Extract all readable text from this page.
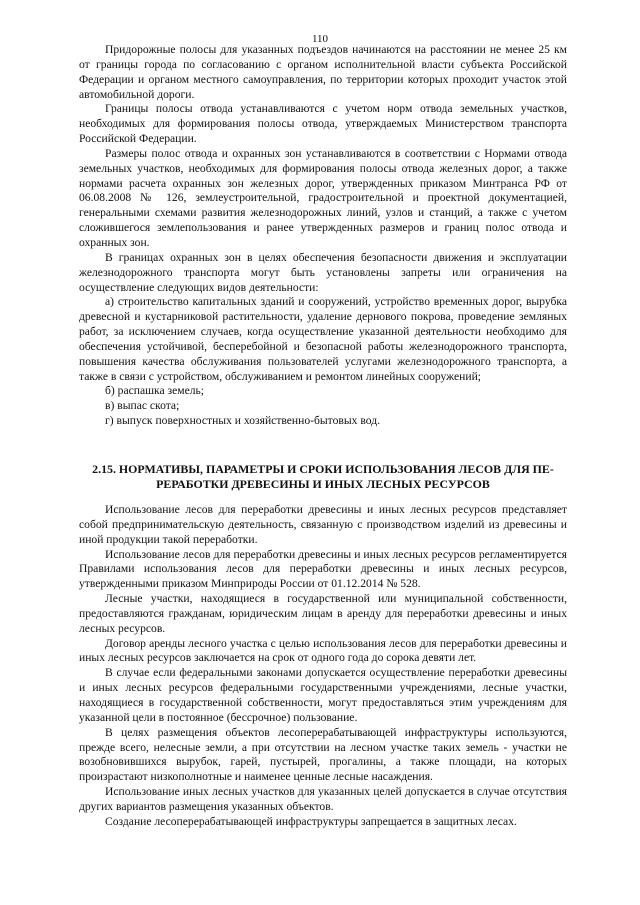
110

Придорожные полосы для указанных подъездов начинаются на расстоянии не менее 25 км от границы города по согласованию с органом исполнительной власти субъекта Российской Федерации и органом местного самоуправления, по территории которых проходит участок этой автомобильной дороги.

Границы полосы отвода устанавливаются с учетом норм отвода земельных участков, необходимых для формирования полосы отвода, утверждаемых Министерством транспорта Российской Федерации.

Размеры полос отвода и охранных зон устанавливаются в соответствии с Нормами отвода земельных участков, необходимых для формирования полосы отвода железных дорог, а также нормами расчета охранных зон железных дорог, утвержденных приказом Минтранса РФ от 06.08.2008 № 126, землеустроительной, градостроительной и проектной документацией, генеральными схемами развития железнодорожных линий, узлов и станций, а также с учетом сложившегося землепользования и ранее утвержденных размеров и границ полос отвода и охранных зон.

В границах охранных зон в целях обеспечения безопасности движения и эксплуатации железнодорожного транспорта могут быть установлены запреты или ограничения на осуществление следующих видов деятельности:

а) строительство капитальных зданий и сооружений, устройство временных дорог, вырубка древесной и кустарниковой растительности, удаление дернового покрова, проведение земляных работ, за исключением случаев, когда осуществление указанной деятельности необходимо для обеспечения устойчивой, бесперебойной и безопасной работы железнодорожного транспорта, повышения качества обслуживания пользователей услугами железнодорожного транспорта, а также в связи с устройством, обслуживанием и ремонтом линейных сооружений;

б) распашка земель;

в) выпас скота;

г) выпуск поверхностных и хозяйственно-бытовых вод.

2.15. НОРМАТИВЫ, ПАРАМЕТРЫ И СРОКИ ИСПОЛЬЗОВАНИЯ ЛЕСОВ ДЛЯ ПЕ-
РЕРАБОТКИ ДРЕВЕСИНЫ И ИНЫХ ЛЕСНЫХ РЕСУРСОВ

Использование лесов для переработки древесины и иных лесных ресурсов представляет собой предпринимательскую деятельность, связанную с производством изделий из древесины и иной продукции такой переработки.

Использование лесов для переработки древесины и иных лесных ресурсов регламентируется Правилами использования лесов для переработки древесины и иных лесных ресурсов, утвержденными приказом Минприроды России от 01.12.2014 № 528.

Лесные участки, находящиеся в государственной или муниципальной собственности, предоставляются гражданам, юридическим лицам в аренду для переработки древесины и иных лесных ресурсов.

Договор аренды лесного участка с целью использования лесов для переработки древесины и иных лесных ресурсов заключается на срок от одного года до сорока девяти лет.

В случае если федеральными законами допускается осуществление переработки древесины и иных лесных ресурсов федеральными государственными учреждениями, лесные участки, находящиеся в государственной собственности, могут предоставляться этим учреждениям для указанной цели в постоянное (бессрочное) пользование.

В целях размещения объектов лесоперерабатывающей инфраструктуры используются, прежде всего, нелесные земли, а при отсутствии на лесном участке таких земель - участки не возобновившихся вырубок, гарей, пустырей, прогалины, а также площади, на которых произрастают низкополнотные и наименее ценные лесные насаждения.

Использование иных лесных участков для указанных целей допускается в случае отсутствия других вариантов размещения указанных объектов.

Создание лесоперерабатывающей инфраструктуры запрещается в защитных лесах.
